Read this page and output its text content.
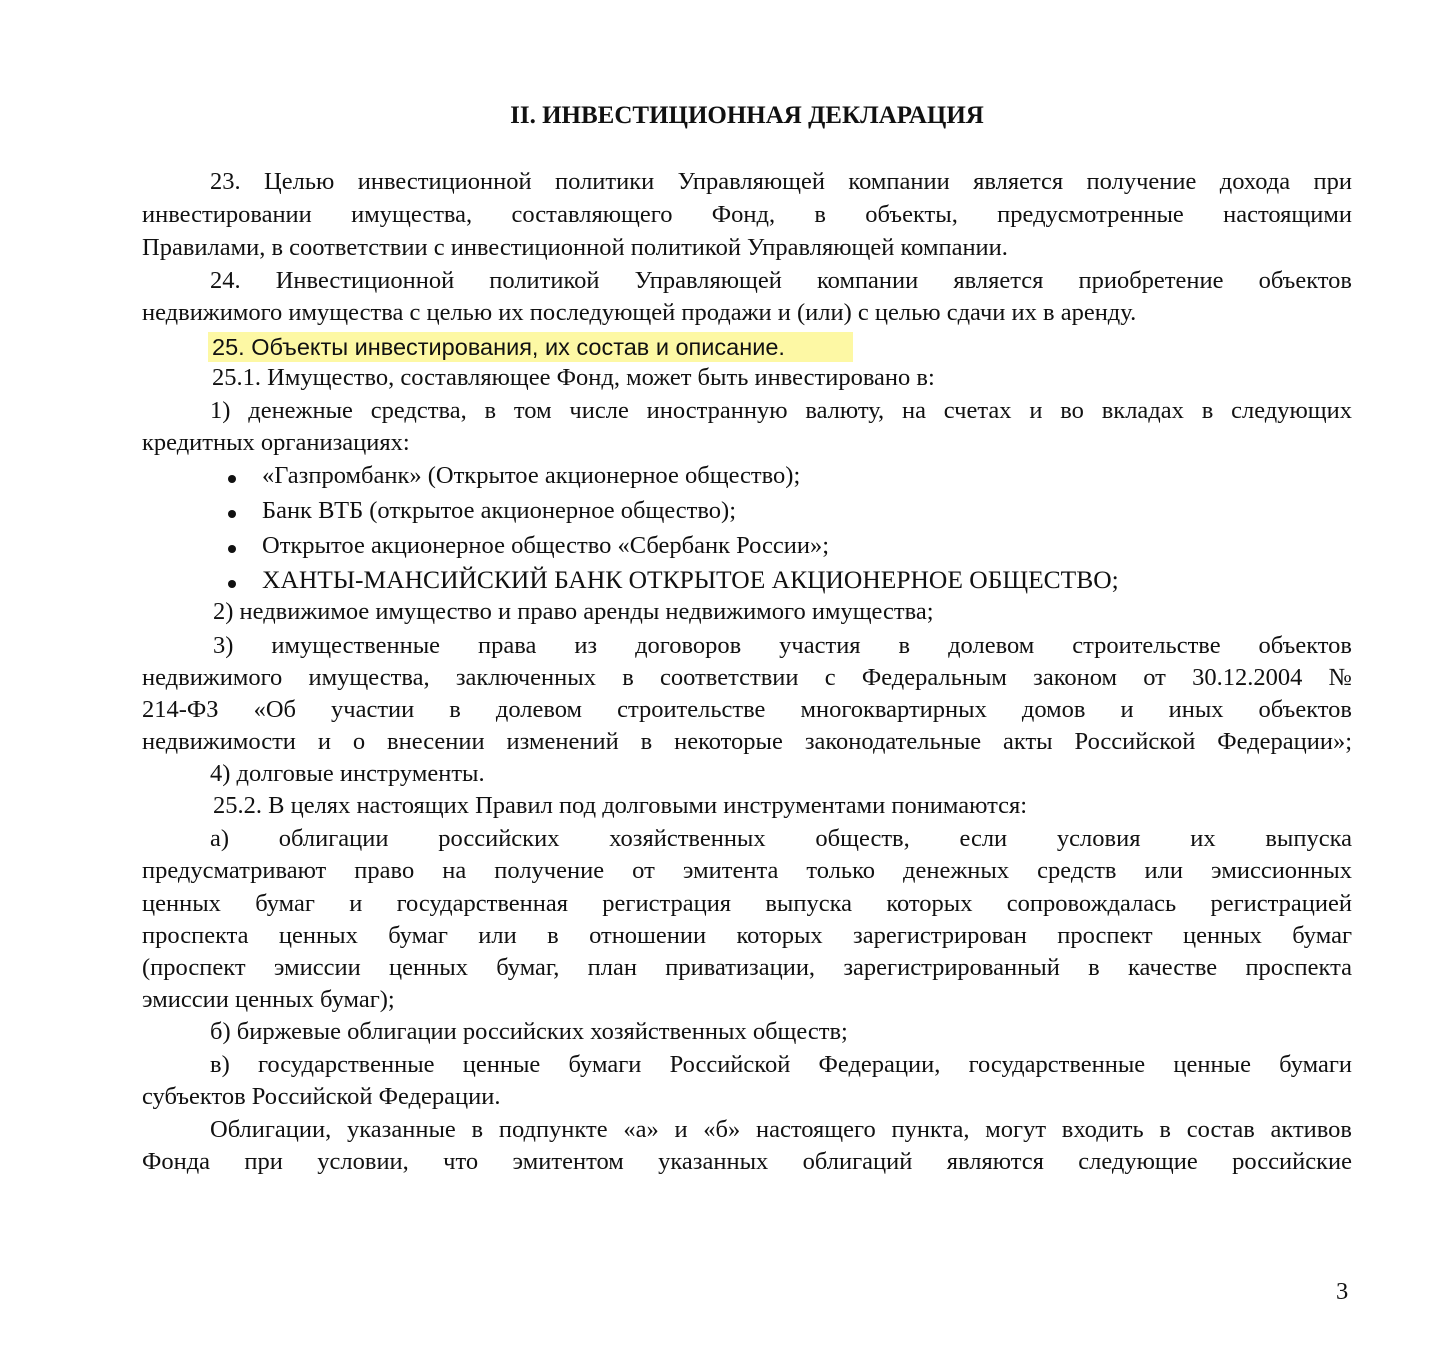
II. ИНВЕСТИЦИОННАЯ ДЕКЛАРАЦИЯ
23. Целью инвестиционной политики Управляющей компании является получение дохода при
инвестировании имущества, составляющего Фонд, в объекты, предусмотренные настоящими
Правилами, в соответствии с инвестиционной политикой Управляющей компании.
24. Инвестиционной политикой Управляющей компании является приобретение объектов
недвижимого имущества с целью их последующей продажи и (или) с целью сдачи их в аренду.
25. Объекты инвестирования, их состав и описание.
25.1. Имущество, составляющее Фонд, может быть инвестировано в:
1) денежные средства, в том числе иностранную валюту, на счетах и во вкладах в следующих
кредитных организациях:
«Газпромбанк» (Открытое акционерное общество);
Банк ВТБ (открытое акционерное общество);
Открытое акционерное общество «Сбербанк России»;
ХАНТЫ-МАНСИЙСКИЙ БАНК ОТКРЫТОЕ АКЦИОНЕРНОЕ ОБЩЕСТВО;
2) недвижимое имущество и право аренды недвижимого имущества;
3) имущественные права из договоров участия в долевом строительстве объектов
недвижимого имущества, заключенных в соответствии с Федеральным законом от 30.12.2004 №
214-ФЗ «Об участии в долевом строительстве многоквартирных домов и иных объектов
недвижимости и о внесении изменений в некоторые законодательные акты Российской Федерации»;
4) долговые инструменты.
25.2. В целях настоящих Правил под долговыми инструментами понимаются:
а) облигации российских хозяйственных обществ, если условия их выпуска
предусматривают право на получение от эмитента только денежных средств или эмиссионных
ценных бумаг и государственная регистрация выпуска которых сопровождалась регистрацией
проспекта ценных бумаг или в отношении которых зарегистрирован проспект ценных бумаг
(проспект эмиссии ценных бумаг, план приватизации, зарегистрированный в качестве проспекта
эмиссии ценных бумаг);
б) биржевые облигации российских хозяйственных обществ;
в) государственные ценные бумаги Российской Федерации, государственные ценные бумаги
субъектов Российской Федерации.
Облигации, указанные в подпункте «а» и «б» настоящего пункта, могут входить в состав активов
Фонда при условии, что эмитентом указанных облигаций являются следующие российские
3
